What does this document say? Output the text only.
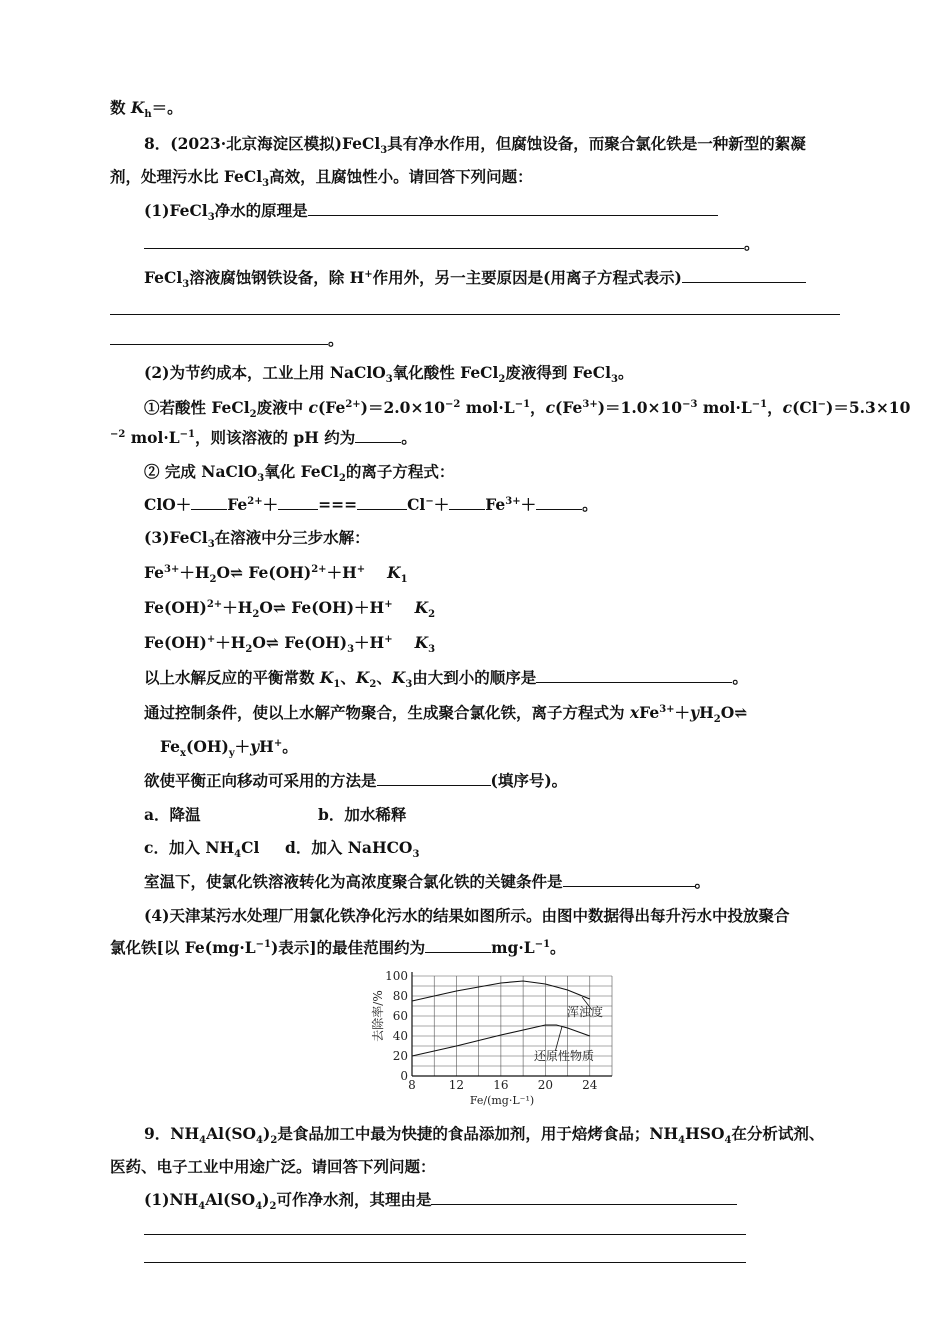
数 $K_h=$。
8．(2023·北京海淀区模拟)FeCl$_3$具有净水作用，但腐蚀设备，而聚合氯化铁是一种新型的絮凝
剂，处理污水比 FeCl$_3$高效，且腐蚀性小。请回答下列问题：
(1)FeCl$_3$净水的原理是
。
FeCl$_3$溶液腐蚀钢铁设备，除 H+作用外，另一主要原因是(用离子方程式表示)
。
(2)为节约成本，工业上用 NaClO$_3$氧化酸性 FeCl$_2$废液得到 FeCl$_3$。
①若酸性 FeCl$_2$废液中 $c(Fe^{2+})=2.0\times 10^{-2}$ $mol\cdot L^{-1}$，$c(Fe^{3+})=1.0\times 10^{-3}$ $mol\cdot L^{-1}$，c(Cl−)＝5.3×10
$^{-2}$ $mol\cdot L^{-1}$，则该溶液的 pH 约为	。
② 完成 NaClO$_3$氧化 FeCl$_2$的离子方程式：
$ClO+ Fe^{2+}+$	===	$Cl^-+ Fe^{3+}+$	。
(3)FeCl$_3$在溶液中分三步水解：
$Fe^{3+}+H_2O\rightleftharpoons$ Fe(OH)$^{2+}$＋H+ $K_1$
$Fe(OH)^{2+}+H_2O\rightleftharpoons$ Fe(OH)＋H+ $K_2$
$Fe(OH)^++H_2O\rightleftharpoons$ $Fe(OH)_3+H^+$ $K_3$
以上水解反应的平衡常数 $K_1$、$K_2$、$K_3$由大到小的顺序是	。
通过控制条件，使以上水解产物聚合，生成聚合氯化铁，离子方程式为 $xFe^{3+}+yH_2O\rightleftharpoons$
$Fe_x(OH)_y+yH^+$。
欲使平衡正向移动可采用的方法是	(填序号)。
a．降温	b．加水稀释
c．加入 $NH_4Cl$ d．加入 NaHCO$_3$
室温下，使氯化铁溶液转化为高浓度聚合氯化铁的关键条件是	。
(4)天津某污水处理厂用氯化铁净化污水的结果如图所示。由图中数据得出每升污水中投放聚合
氯化铁[以 $Fe(mg\cdot L^{-1})$表示]的最佳范围约为	$mg\cdot L^{-1}$。
8	12 16 20 24
0
20
40
60
80
100
去除率/%
Fe/(mg·L⁻¹)
浑浊度
还原性物质
9．$NH_4Al(SO_4)_2$是食品加工中最为快捷的食品添加剂，用于焙烤食品；$NH_4HSO_4$在分析试剂、
医药、电子工业中用途广泛。请回答下列问题：
$(1)NH_4Al(SO_4)_2$可作净水剂，其理由是
